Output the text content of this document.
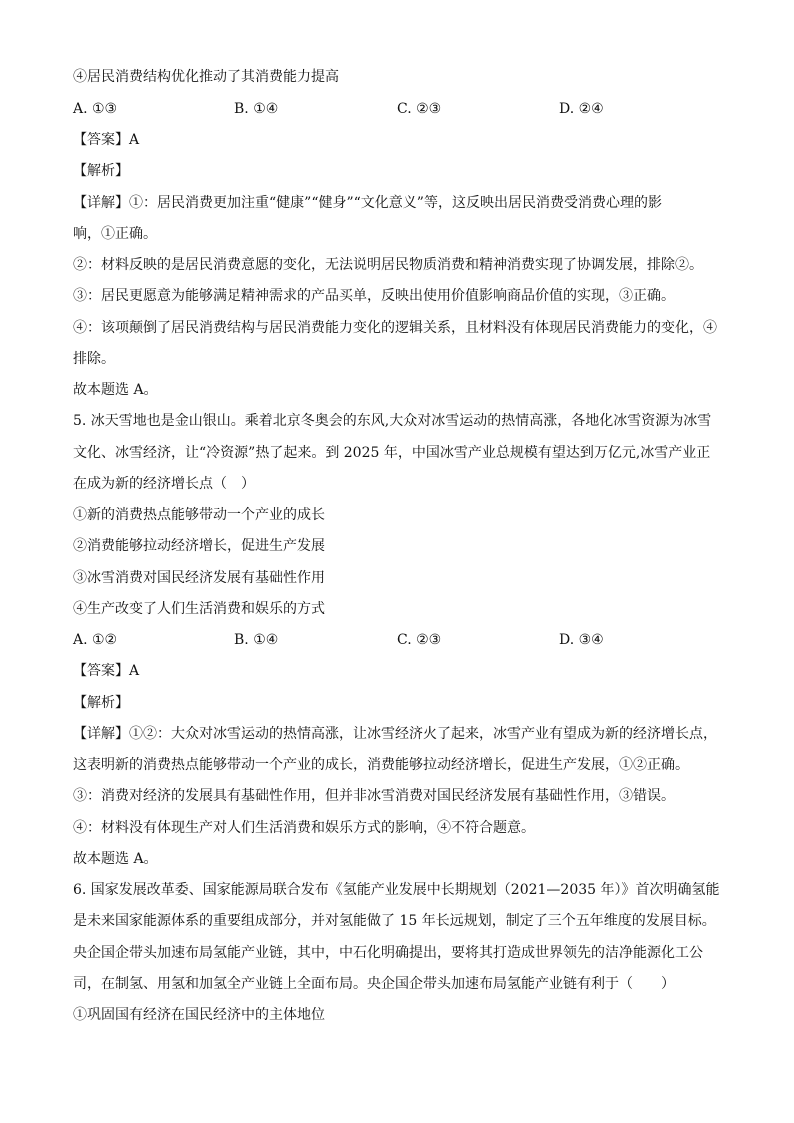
④居民消费结构优化推动了其消费能力提高
A. ①③	B. ①④	C. ②③	D. ②④
【答案】A
【解析】
【详解】①：居民消费更加注重“健康”“健身”“文化意义”等，这反映出居民消费受消费心理的影
响，①正确。
②：材料反映的是居民消费意愿的变化，无法说明居民物质消费和精神消费实现了协调发展，排除②。
③：居民更愿意为能够满足精神需求的产品买单，反映出使用价值影响商品价值的实现，③正确。
④：该项颠倒了居民消费结构与居民消费能力变化的逻辑关系，且材料没有体现居民消费能力的变化，④
排除。
故本题选 A。
5. 冰天雪地也是金山银山。乘着北京冬奥会的东风,大众对冰雪运动的热情高涨，各地化冰雪资源为冰雪
文化、冰雪经济，让“冷资源”热了起来。到 2025 年，中国冰雪产业总规模有望达到万亿元,冰雪产业正
在成为新的经济增长点（　）
①新的消费热点能够带动一个产业的成长
②消费能够拉动经济增长，促进生产发展
③冰雪消费对国民经济发展有基础性作用
④生产改变了人们生活消费和娱乐的方式
A. ①②	B. ①④	C. ②③	D. ③④
【答案】A
【解析】
【详解】①②：大众对冰雪运动的热情高涨，让冰雪经济火了起来，冰雪产业有望成为新的经济增长点，
这表明新的消费热点能够带动一个产业的成长，消费能够拉动经济增长，促进生产发展，①②正确。
③：消费对经济的发展具有基础性作用，但并非冰雪消费对国民经济发展有基础性作用，③错误。
④：材料没有体现生产对人们生活消费和娱乐方式的影响，④不符合题意。
故本题选 A。
6. 国家发展改革委、国家能源局联合发布《氢能产业发展中长期规划（2021—2035 年）》首次明确氢能
是未来国家能源体系的重要组成部分，并对氢能做了 15 年长远规划，制定了三个五年维度的发展目标。
央企国企带头加速布局氢能产业链，其中，中石化明确提出，要将其打造成世界领先的洁净能源化工公
司，在制氢、用氢和加氢全产业链上全面布局。央企国企带头加速布局氢能产业链有利于（　　）
①巩固国有经济在国民经济中的主体地位
